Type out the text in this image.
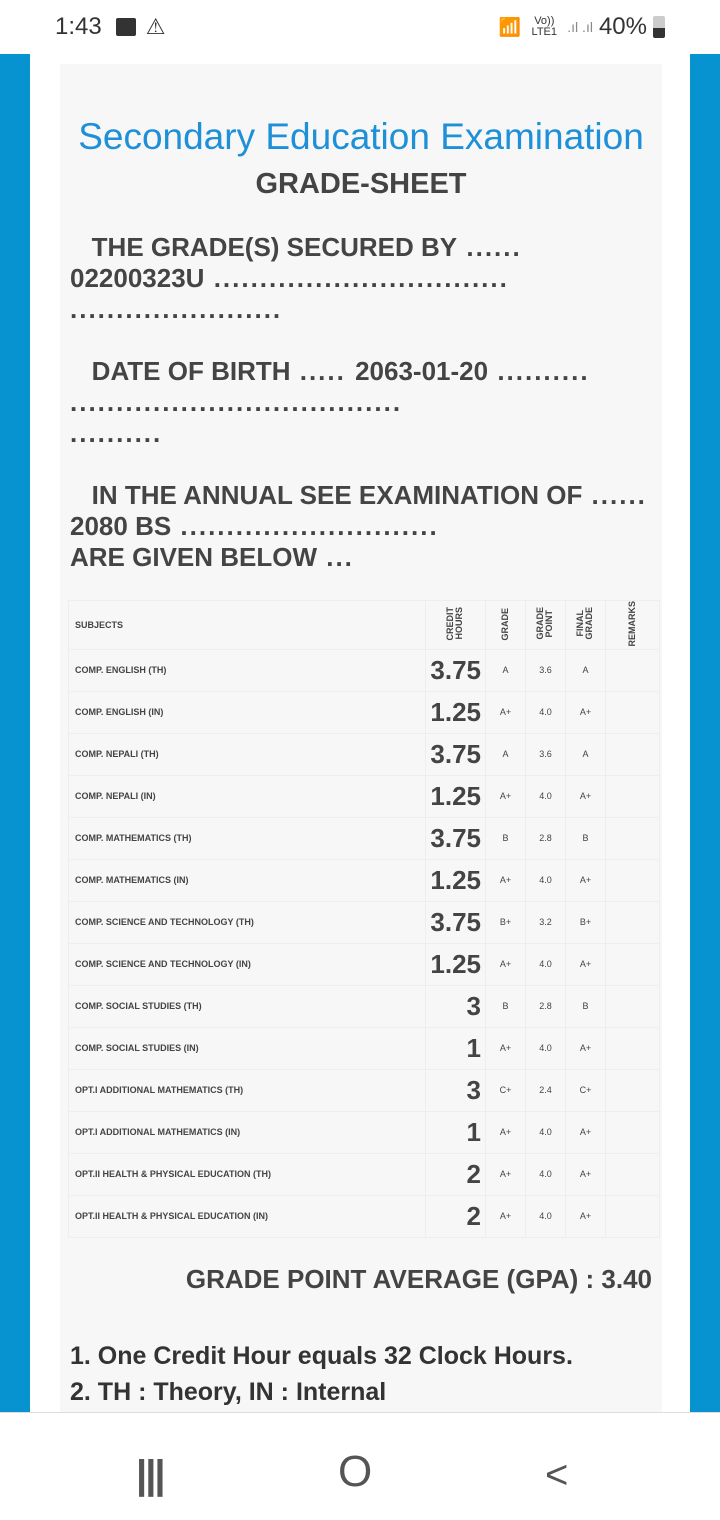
1:43 ⚠	📶	Vo)) LTE1 .ıl .ıl 40%
Secondary Education Examination
GRADE-SHEET
THE GRADE(S) SECURED BY ......
02200323U ................................
.......................
DATE OF BIRTH ..... 2063-01-20 ..........
....................................
..........
IN THE ANNUAL SEE EXAMINATION OF ......
2080 BS ............................
ARE GIVEN BELOW ...
SUBJECTS	CREDIT HOURS	GRADE	GRADE POINT	FINAL GRADE	REMARKS
COMP. ENGLISH (TH)	3.75	A	3.6	A	
COMP. ENGLISH (IN)	1.25	A+	4.0	A+	
COMP. NEPALI (TH)	3.75	A	3.6	A	
COMP. NEPALI (IN)	1.25	A+	4.0	A+	
COMP. MATHEMATICS (TH)	3.75	B	2.8	B	
COMP. MATHEMATICS (IN)	1.25	A+	4.0	A+	
COMP. SCIENCE AND TECHNOLOGY (TH)	3.75	B+	3.2	B+	
COMP. SCIENCE AND TECHNOLOGY (IN)	1.25	A+	4.0	A+	
COMP. SOCIAL STUDIES (TH)	3	B	2.8	B	
COMP. SOCIAL STUDIES (IN)	1	A+	4.0	A+	
OPT.I ADDITIONAL MATHEMATICS (TH)	3	C+	2.4	C+	
OPT.I ADDITIONAL MATHEMATICS (IN)	1	A+	4.0	A+	
OPT.II HEALTH & PHYSICAL EDUCATION (TH)	2	A+	4.0	A+	
OPT.II HEALTH & PHYSICAL EDUCATION (IN)	2	A+	4.0	A+	
GRADE POINT AVERAGE (GPA) : 3.40
1. One Credit Hour equals 32 Clock Hours.
2. TH : Theory, IN : Internal
|||	O	<
